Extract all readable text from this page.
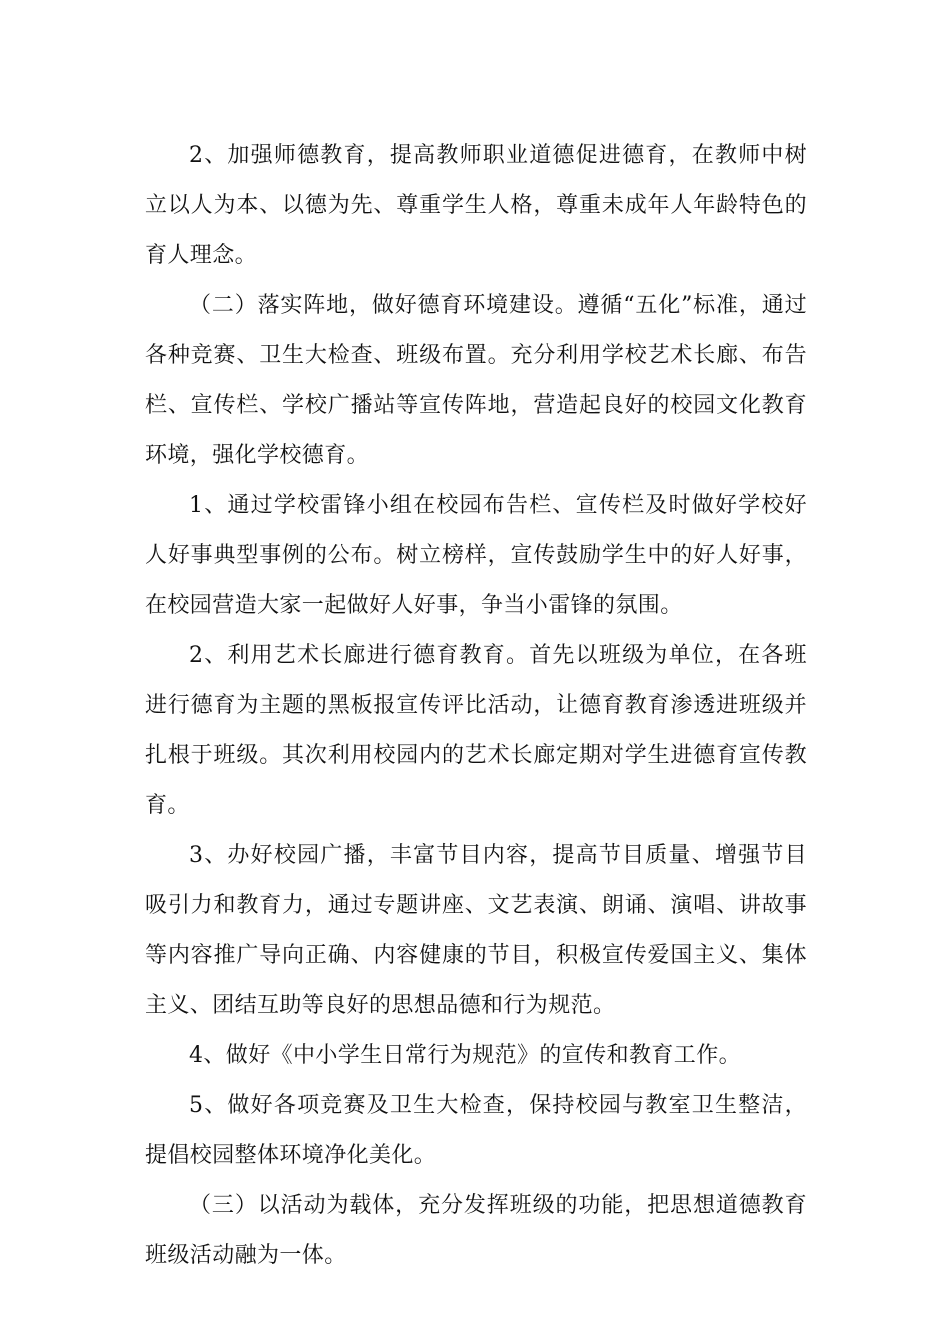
2、加强师德教育，提高教师职业道德促进德育，在教师中树立以人为本、以德为先、尊重学生人格，尊重未成年人年龄特色的育人理念。

（二）落实阵地，做好德育环境建设。遵循“五化”标准，通过各种竞赛、卫生大检查、班级布置。充分利用学校艺术长廊、布告栏、宣传栏、学校广播站等宣传阵地，营造起良好的校园文化教育环境，强化学校德育。

1、通过学校雷锋小组在校园布告栏、宣传栏及时做好学校好人好事典型事例的公布。树立榜样，宣传鼓励学生中的好人好事，在校园营造大家一起做好人好事，争当小雷锋的氛围。

2、利用艺术长廊进行德育教育。首先以班级为单位，在各班进行德育为主题的黑板报宣传评比活动，让德育教育渗透进班级并扎根于班级。其次利用校园内的艺术长廊定期对学生进德育宣传教育。

3、办好校园广播，丰富节目内容，提高节目质量、增强节目吸引力和教育力，通过专题讲座、文艺表演、朗诵、演唱、讲故事等内容推广导向正确、内容健康的节目，积极宣传爱国主义、集体主义、团结互助等良好的思想品德和行为规范。

4、做好《中小学生日常行为规范》的宣传和教育工作。

5、做好各项竞赛及卫生大检查，保持校园与教室卫生整洁，提倡校园整体环境净化美化。

（三）以活动为载体，充分发挥班级的功能，把思想道德教育班级活动融为一体。
